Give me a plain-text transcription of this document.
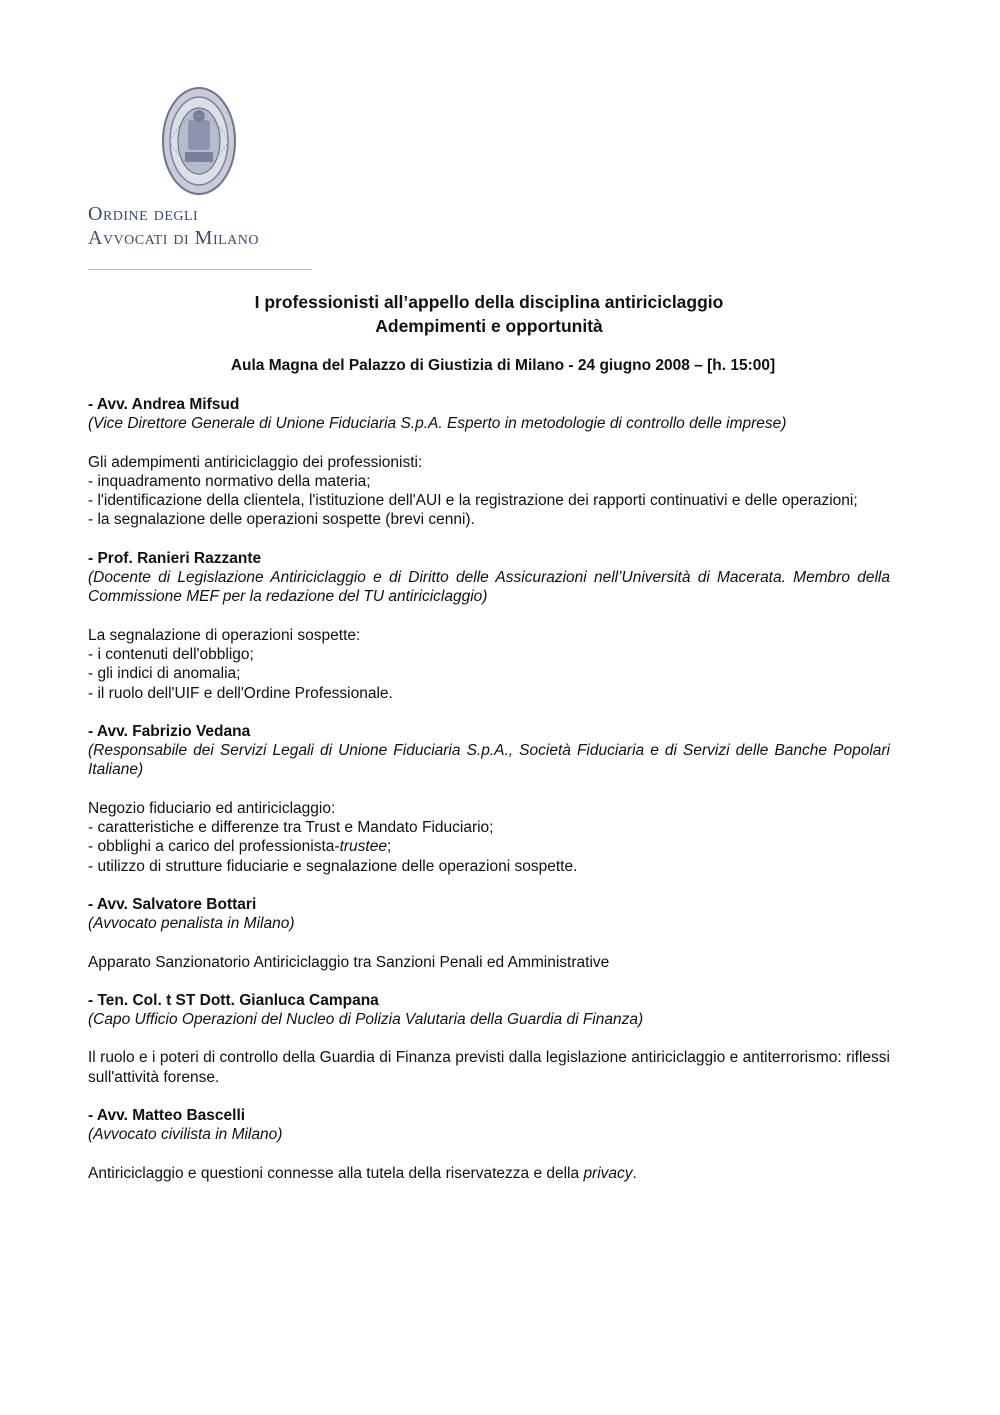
Ordine degli
Avvocati di Milano
I professionisti all’appello della disciplina antiriciclaggio
Adempimenti e opportunità
Aula Magna del Palazzo di Giustizia di Milano - 24 giugno 2008 – [h. 15:00]
- Avv. Andrea Mifsud
(Vice Direttore Generale di Unione Fiduciaria S.p.A. Esperto in metodologie di controllo delle imprese)
Gli adempimenti antiriciclaggio dei professionisti:
- inquadramento normativo della materia;
- l'identificazione della clientela, l'istituzione dell'AUI e la registrazione dei rapporti continuativi e delle operazioni;
- la segnalazione delle operazioni sospette (brevi cenni).
- Prof. Ranieri Razzante
(Docente di Legislazione Antiriciclaggio e di Diritto delle Assicurazioni nell’Università di Macerata. Membro della Commissione MEF per la redazione del TU antiriciclaggio)
La segnalazione di operazioni sospette:
- i contenuti dell'obbligo;
- gli indici di anomalia;
- il ruolo dell'UIF e dell'Ordine Professionale.
- Avv. Fabrizio Vedana
(Responsabile dei Servizi Legali di Unione Fiduciaria S.p.A., Società Fiduciaria e di Servizi delle Banche Popolari Italiane)
Negozio fiduciario ed antiriciclaggio:
- caratteristiche e differenze tra Trust e Mandato Fiduciario;
- obblighi a carico del professionista-trustee;
- utilizzo di strutture fiduciarie e segnalazione delle operazioni sospette.
- Avv. Salvatore Bottari
(Avvocato penalista in Milano)
Apparato Sanzionatorio Antiriciclaggio tra Sanzioni Penali ed Amministrative
- Ten. Col. t ST Dott. Gianluca Campana
(Capo Ufficio Operazioni del Nucleo di Polizia Valutaria della Guardia di Finanza)
Il ruolo e i poteri di controllo della Guardia di Finanza previsti dalla legislazione antiriciclaggio e antiterrorismo: riflessi sull'attività forense.
- Avv. Matteo Bascelli
(Avvocato civilista in Milano)
Antiriciclaggio e questioni connesse alla tutela della riservatezza e della privacy.
